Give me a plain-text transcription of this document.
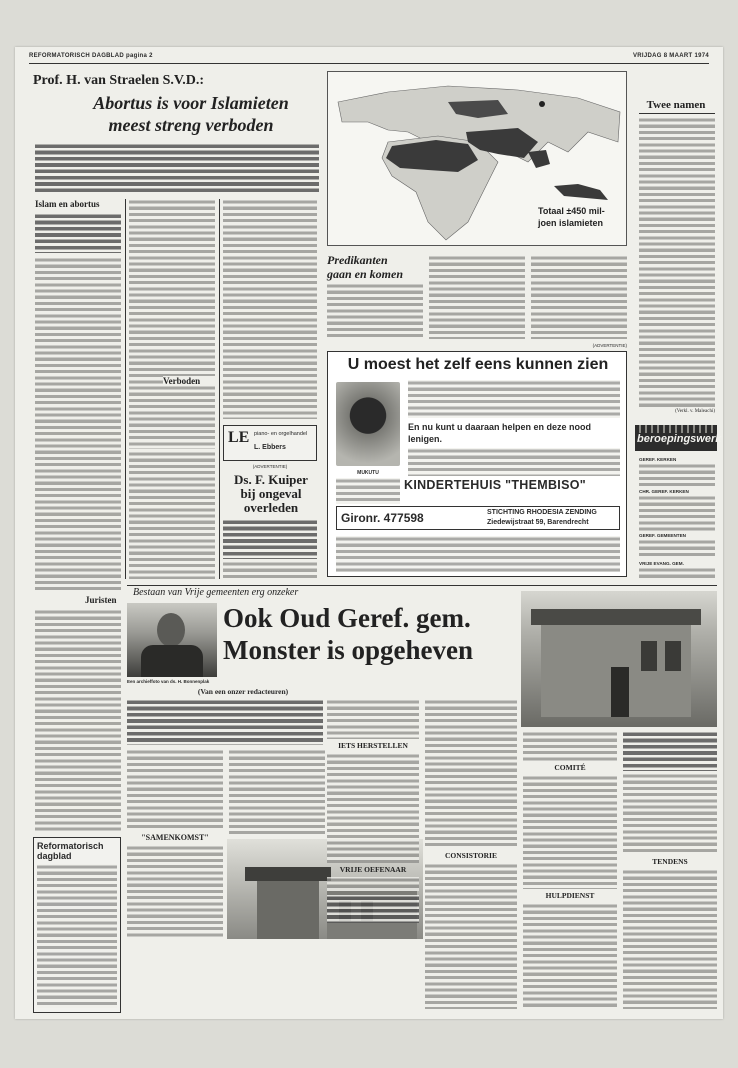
REFORMATORISCH DAGBLAD pagina 2	VRIJDAG 8 MAART 1974
Prof. H. van Straelen S.V.D.:
Abortus is voor Islamieten
meest streng verboden
Islam en abortus
Juristen
Verboden
LE piano- en orgelhandel
L. Ebbers
(ADVERTENTIE)
Ds. F. Kuiper
bij ongeval
overleden
Totaal ±450 mil-
joen islamieten
Predikanten
gaan en komen
(ADVERTENTIE)
U moest het zelf eens kunnen zien
MUKUTU
En nu kunt u daaraan helpen en deze nood
lenigen.
KINDERTEHUIS "THEMBISO"
Gironr. 477598	STICHTING RHODESIA ZENDING
Ziedewijstraat 59, Barendrecht
Twee namen
(Verkl. v. Maleachi)
beroepingswerk
GEREF. KERKEN
CHR. GEREF. KERKEN
GEREF. GEMEENTEN
VRIJE EVANG. GEM.
Bestaan van Vrije gemeenten erg onzeker
Ook Oud Geref. gem.
Monster is opgeheven
Een archieffoto van ds. H. Bonnenplak
(Van een onzer redacteuren)
"SAMENKOMST"
IETS HERSTELLEN
VRIJE OEFENAAR
CONSISTORIE
COMITÉ
HULPDIENST
TENDENS
Reformatorisch
dagblad
